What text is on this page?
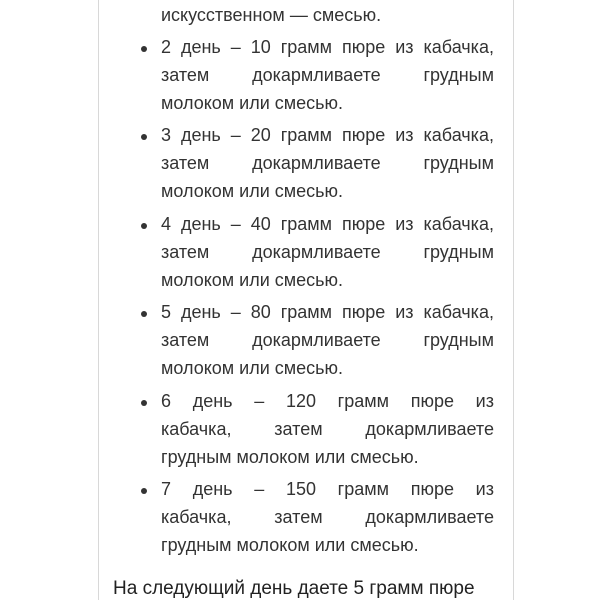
искусственном — смесью.
2 день – 10 грамм пюре из кабачка,
затем докармливаете грудным
молоком или смесью.
3 день – 20 грамм пюре из кабачка,
затем докармливаете грудным
молоком или смесью.
4 день – 40 грамм пюре из кабачка,
затем докармливаете грудным
молоком или смесью.
5 день – 80 грамм пюре из кабачка,
затем докармливаете грудным
молоком или смесью.
6 день – 120 грамм пюре из
кабачка, затем докармливаете
грудным молоком или смесью.
7 день – 150 грамм пюре из
кабачка, затем докармливаете
грудным молоком или смесью.
На следующий день даете 5 грамм пюре
